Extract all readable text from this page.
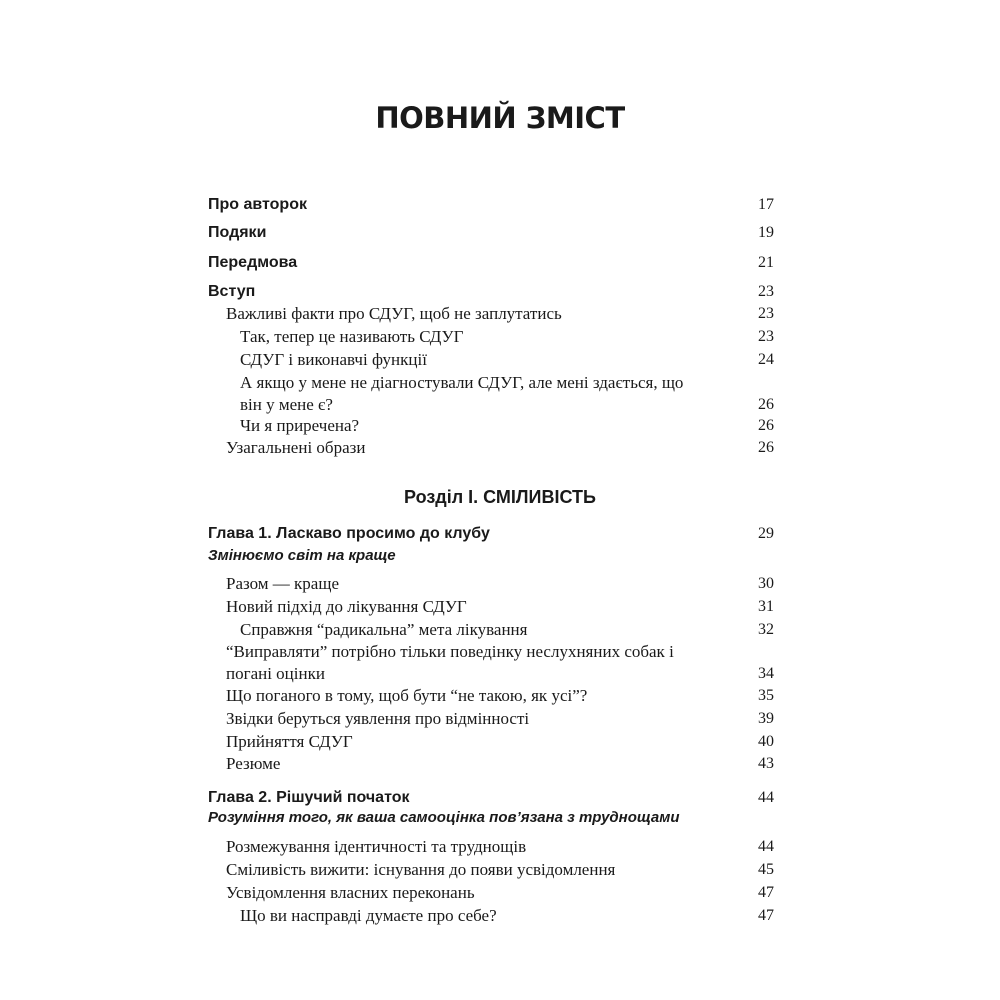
ПОВНИЙ ЗМІСТ
Розділ I. СМІЛИВІСТЬ
Про авторок	17
Подяки	19
Передмова	21
Вступ	23
Важливі факти про СДУГ, щоб не заплутатись	23
Так, тепер це називають СДУГ	23
СДУГ і виконавчі функції	24
А якщо у мене не діагностували СДУГ, але мені здається, що він у мене є?	26
Чи я приречена?	26
Узагальнені образи	26
Глава 1. Ласкаво просимо до клубу	29
Змінюємо світ на краще
Разом — краще	30
Новий підхід до лікування СДУГ	31
Справжня “радикальна” мета лікування	32
“Виправляти” потрібно тільки поведінку неслухняних собак і погані оцінки	34
Що поганого в тому, щоб бути “не такою, як усі”?	35
Звідки беруться уявлення про відмінності	39
Прийняття СДУГ	40
Резюме	43
Глава 2. Рішучий початок	44
Розуміння того, як ваша самооцінка пов’язана з труднощами
Розмежування ідентичності та труднощів	44
Сміливість вижити: існування до появи усвідомлення	45
Усвідомлення власних переконань	47
Що ви насправді думаєте про себе?	47
